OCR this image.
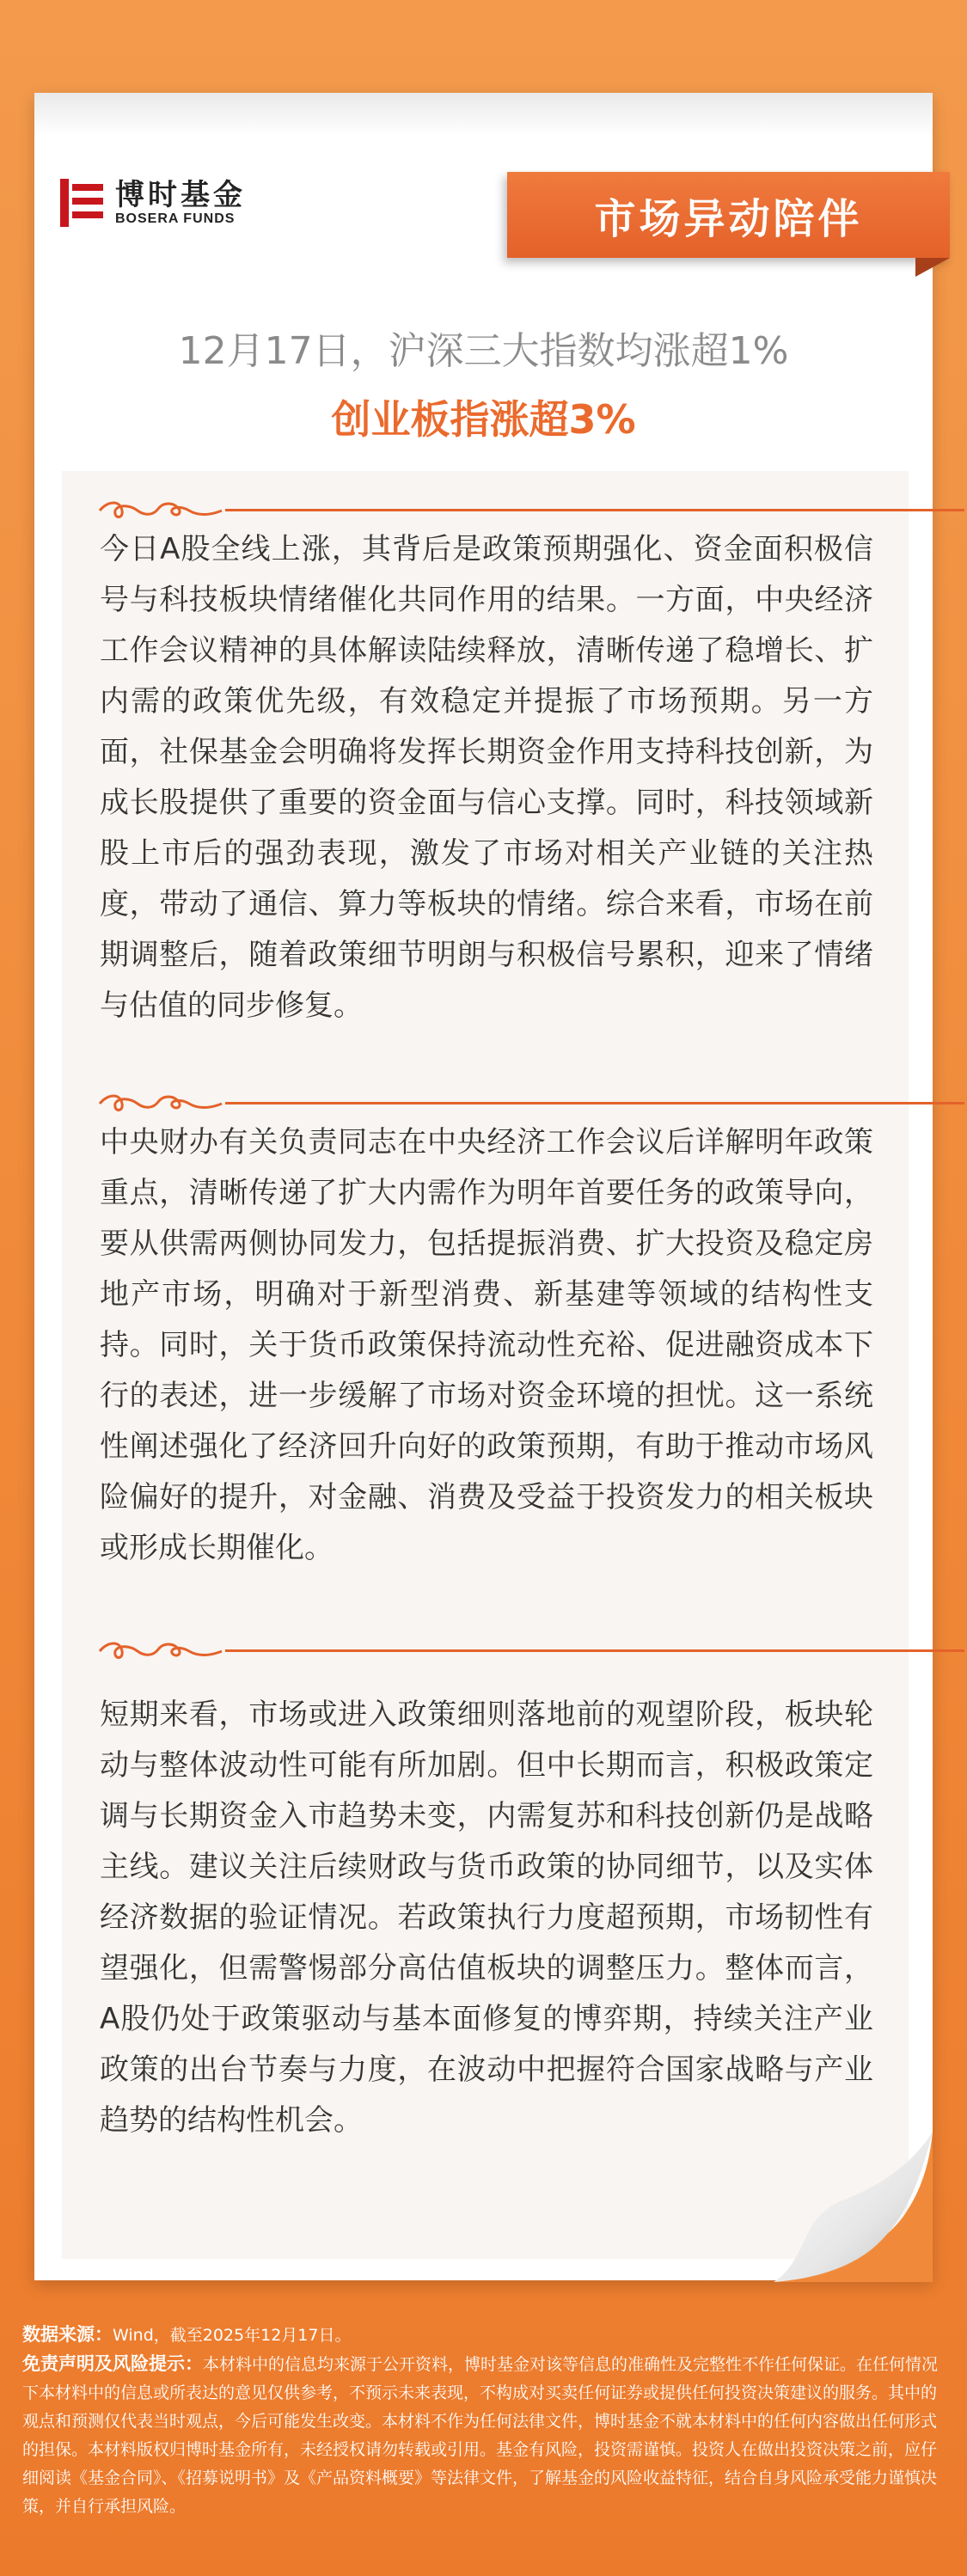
博时基金
BOSERA FUNDS	市场异动陪伴
12月17日，沪深三大指数均涨超1%
创业板指涨超3%
今日A股全线上涨，其背后是政策预期强化、资金面积极信号与科技板块情绪催化共同作用的结果。一方面，中央经济工作会议精神的具体解读陆续释放，清晰传递了稳增长、扩内需的政策优先级，有效稳定并提振了市场预期。另一方面，社保基金会明确将发挥长期资金作用支持科技创新，为成长股提供了重要的资金面与信心支撑。同时，科技领域新股上市后的强劲表现，激发了市场对相关产业链的关注热度，带动了通信、算力等板块的情绪。综合来看，市场在前期调整后，随着政策细节明朗与积极信号累积，迎来了情绪与估值的同步修复。
中央财办有关负责同志在中央经济工作会议后详解明年政策重点，清晰传递了扩大内需作为明年首要任务的政策导向，要从供需两侧协同发力，包括提振消费、扩大投资及稳定房地产市场，明确对于新型消费、新基建等领域的结构性支持。同时，关于货币政策保持流动性充裕、促进融资成本下行的表述，进一步缓解了市场对资金环境的担忧。这一系统性阐述强化了经济回升向好的政策预期，有助于推动市场风险偏好的提升，对金融、消费及受益于投资发力的相关板块或形成长期催化。
短期来看，市场或进入政策细则落地前的观望阶段，板块轮动与整体波动性可能有所加剧。但中长期而言，积极政策定调与长期资金入市趋势未变，内需复苏和科技创新仍是战略主线。建议关注后续财政与货币政策的协同细节，以及实体经济数据的验证情况。若政策执行力度超预期，市场韧性有望强化，但需警惕部分高估值板块的调整压力。整体而言，A股仍处于政策驱动与基本面修复的博弈期，持续关注产业政策的出台节奏与力度，在波动中把握符合国家战略与产业趋势的结构性机会。
数据来源：Wind，截至2025年12月17日。
免责声明及风险提示：本材料中的信息均来源于公开资料，博时基金对该等信息的准确性及完整性不作任何保证。在任何情况下本材料中的信息或所表达的意见仅供参考，不预示未来表现，不构成对买卖任何证券或提供任何投资决策建议的服务。其中的观点和预测仅代表当时观点，今后可能发生改变。本材料不作为任何法律文件，博时基金不就本材料中的任何内容做出任何形式的担保。本材料版权归博时基金所有，未经授权请勿转载或引用。基金有风险，投资需谨慎。投资人在做出投资决策之前，应仔细阅读《基金合同》、《招募说明书》及《产品资料概要》等法律文件，了解基金的风险收益特征，结合自身风险承受能力谨慎决策，并自行承担风险。
